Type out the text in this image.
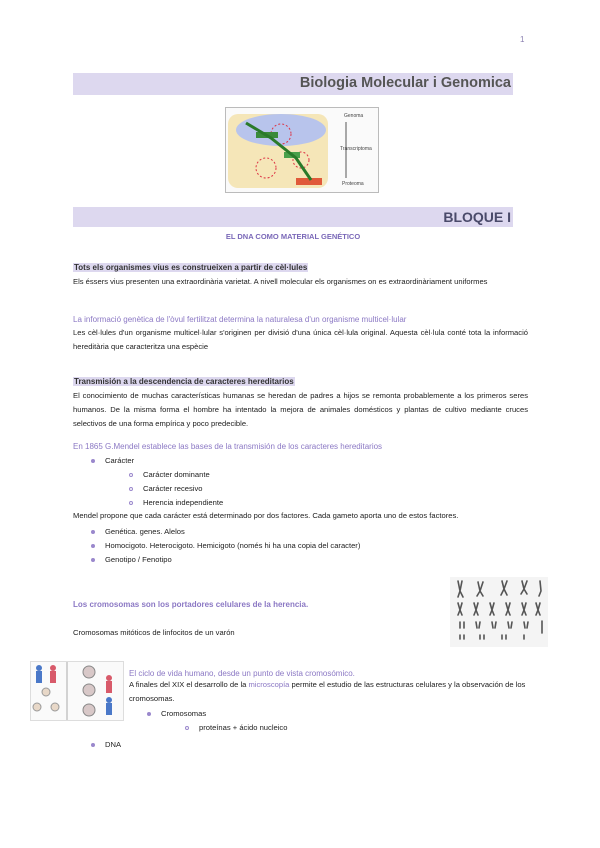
1
Biologia Molecular i Genomica
Genoma
Transcriptoma
Proteoma
BLOQUE I
EL DNA COMO MATERIAL GENÉTICO
Tots els organismes vius es construeixen a partir de cèl·lules
Els éssers vius presenten una extraordinària varietat. A nivell molecular els organismes on es extraordinàriament uniformes
La informació genètica de l'òvul fertilitzat determina la naturalesa d'un organisme multicel·lular
Les cèl·lules d'un organisme multicel·lular s'originen per divisió d'una única cèl·lula original. Aquesta cèl·lula conté tota la informació hereditària que caracteritza una espècie
Transmisión a la descendencia de caracteres hereditarios
El conocimiento de muchas características humanas se heredan de padres a hijos se remonta probablemente a los primeros seres humanos. De la misma forma el hombre ha intentado la mejora de animales domésticos y plantas de cultivo mediante cruces selectivos de una forma empírica y poco predecible.
En 1865 G.Mendel establece las bases de la transmisión de los caracteres hereditarios
Carácter
Carácter dominante
Carácter recesivo
Herencia independiente
Mendel propone que cada carácter está determinado por dos factores. Cada gameto aporta uno de estos factores.
Genética. genes. Alelos
Homocigoto. Heterocigoto. Hemicigoto (només hi ha una copia del caracter)
Genotipo / Fenotipo
Los cromosomas son los portadores celulares de la herencia.
Cromosomas mitóticos de linfocitos de un varón
El ciclo de vida humano, desde un punto de vista cromosómico.
A finales del XIX el desarrollo de la microscopía permite el estudio de las estructuras celulares y la observación de los cromosomas.
Cromosomas
proteínas + ácido nucleico
DNA
